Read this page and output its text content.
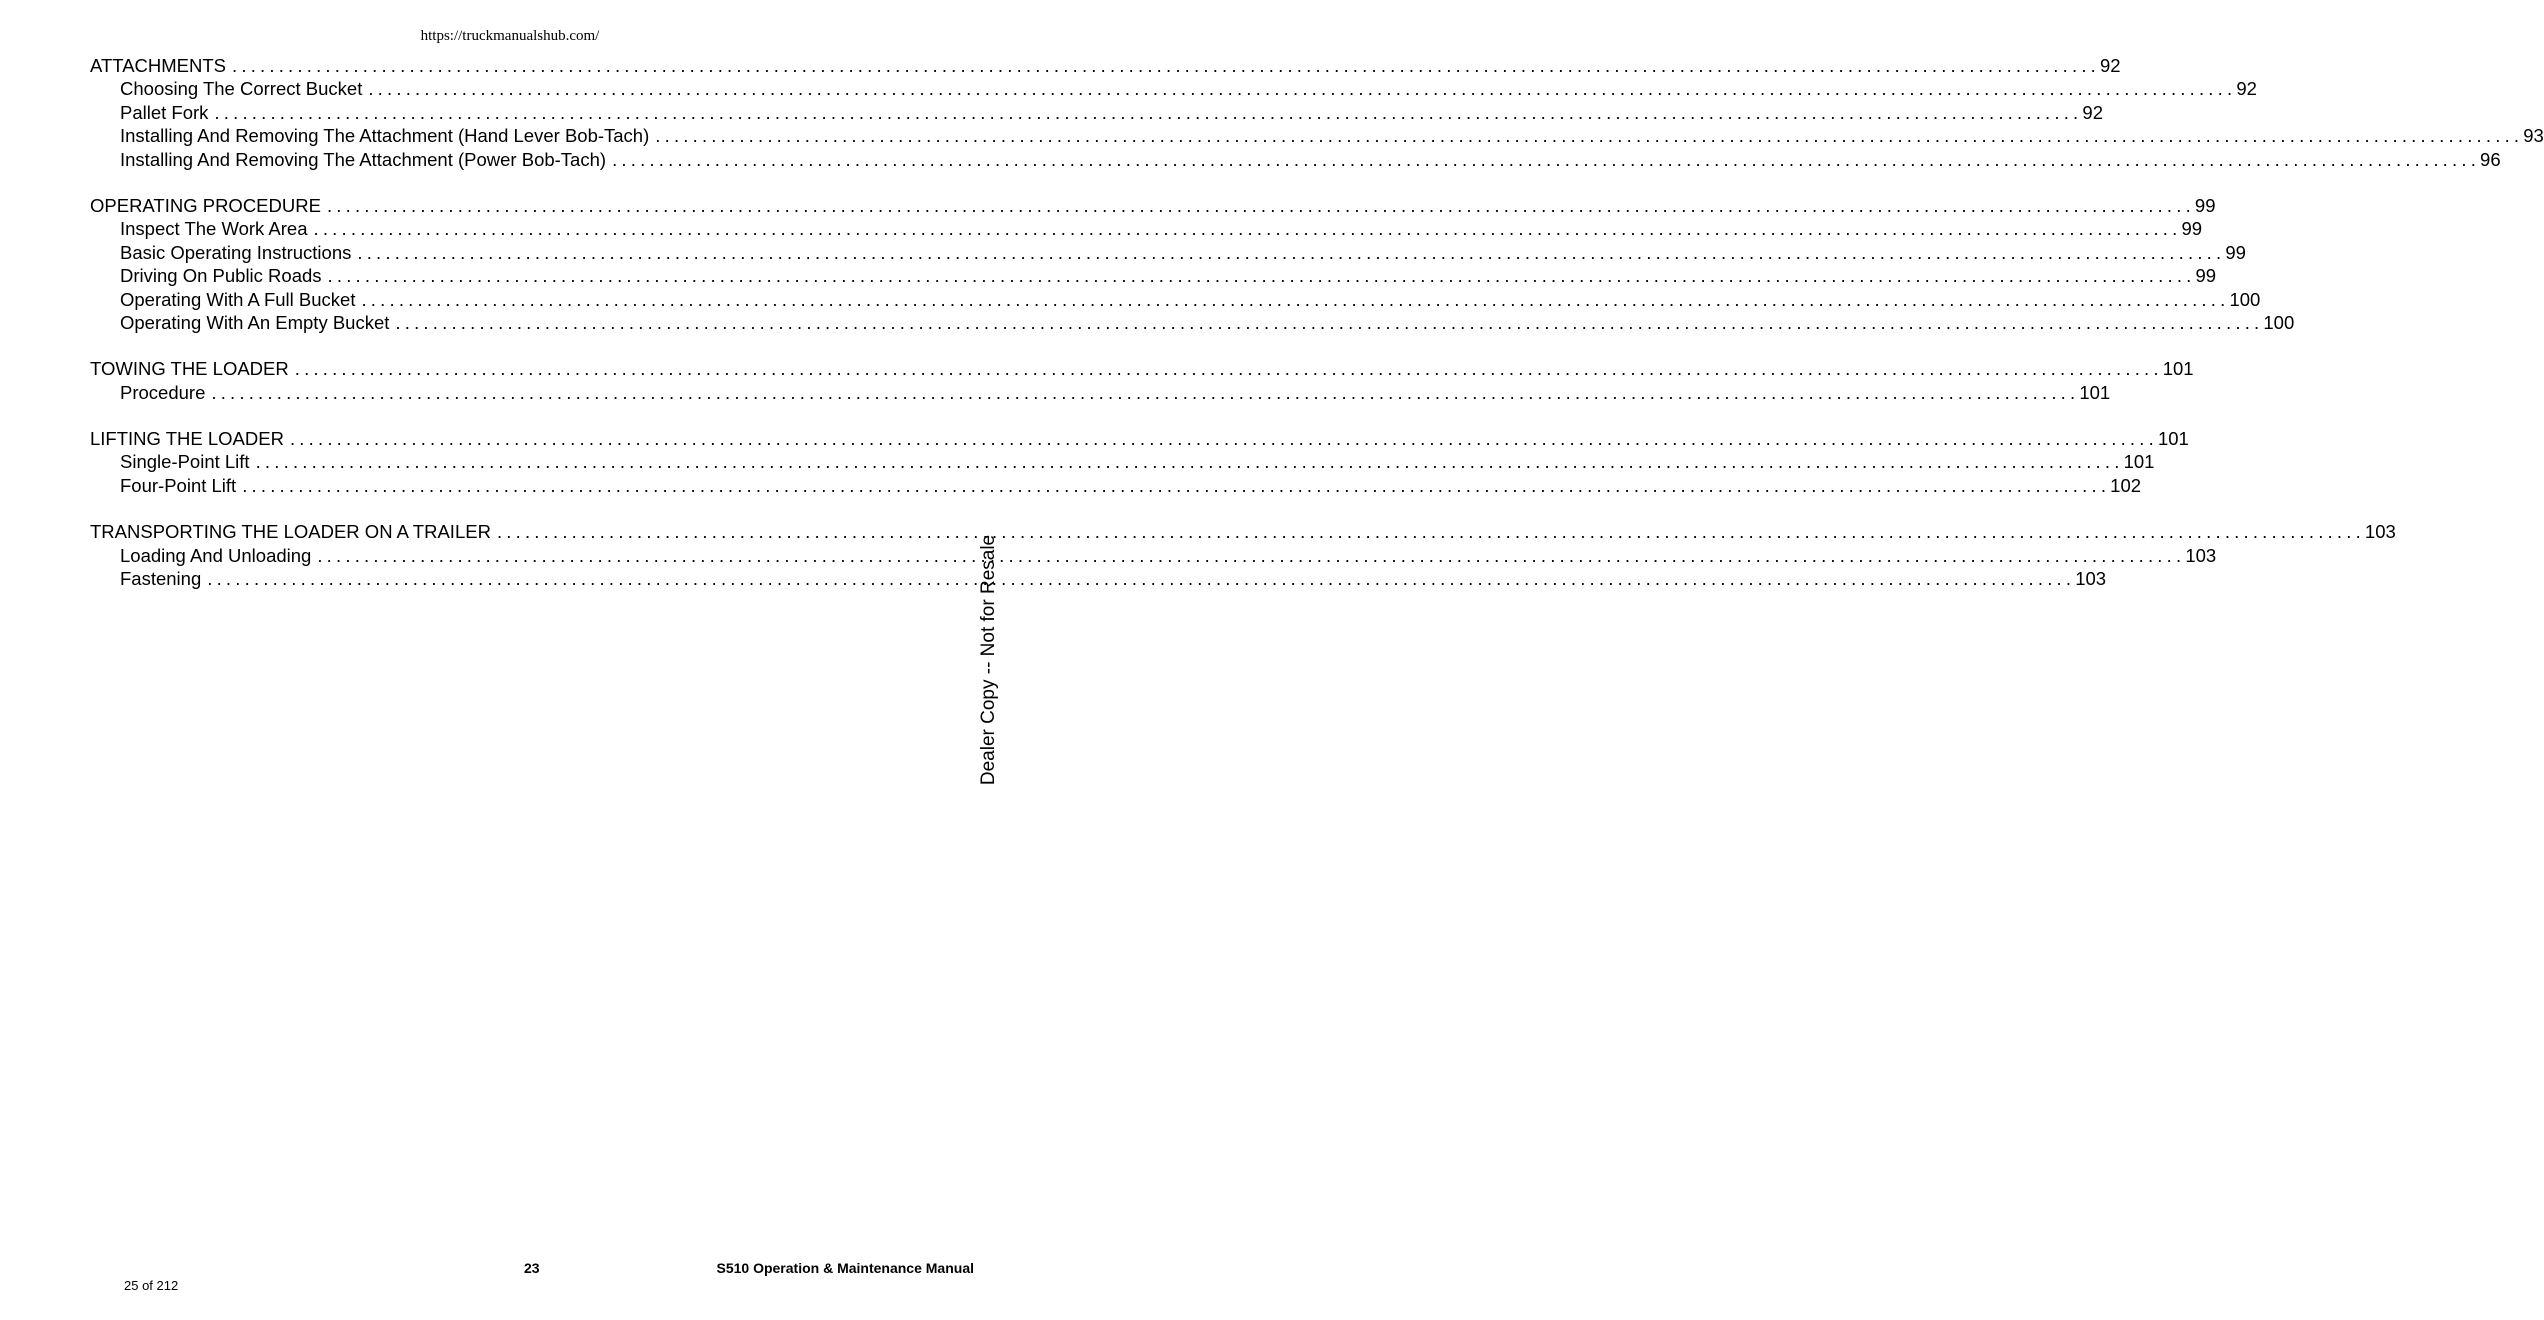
https://truckmanualshub.com/
ATTACHMENTS ........................................................................................................................................................................................................ 92
Choosing The Correct Bucket ........................................................................................................................................................................................................ 92
Pallet Fork ........................................................................................................................................................................................................ 92
Installing And Removing The Attachment (Hand Lever Bob-Tach) ........................................................................................................................................................................................................ 93
Installing And Removing The Attachment (Power Bob-Tach) ........................................................................................................................................................................................................ 96
OPERATING PROCEDURE ........................................................................................................................................................................................................ 99
Inspect The Work Area ........................................................................................................................................................................................................ 99
Basic Operating Instructions ........................................................................................................................................................................................................ 99
Driving On Public Roads ........................................................................................................................................................................................................ 99
Operating With A Full Bucket ........................................................................................................................................................................................................ 100
Operating With An Empty Bucket ........................................................................................................................................................................................................ 100
TOWING THE LOADER ........................................................................................................................................................................................................ 101
Procedure ........................................................................................................................................................................................................ 101
LIFTING THE LOADER ........................................................................................................................................................................................................ 101
Single-Point Lift ........................................................................................................................................................................................................ 101
Four-Point Lift ........................................................................................................................................................................................................ 102
TRANSPORTING THE LOADER ON A TRAILER ........................................................................................................................................................................................................ 103
Loading And Unloading ........................................................................................................................................................................................................ 103
Fastening ........................................................................................................................................................................................................ 103
Dealer Copy -- Not for Resale
23	S510 Operation & Maintenance Manual
25 of 212
